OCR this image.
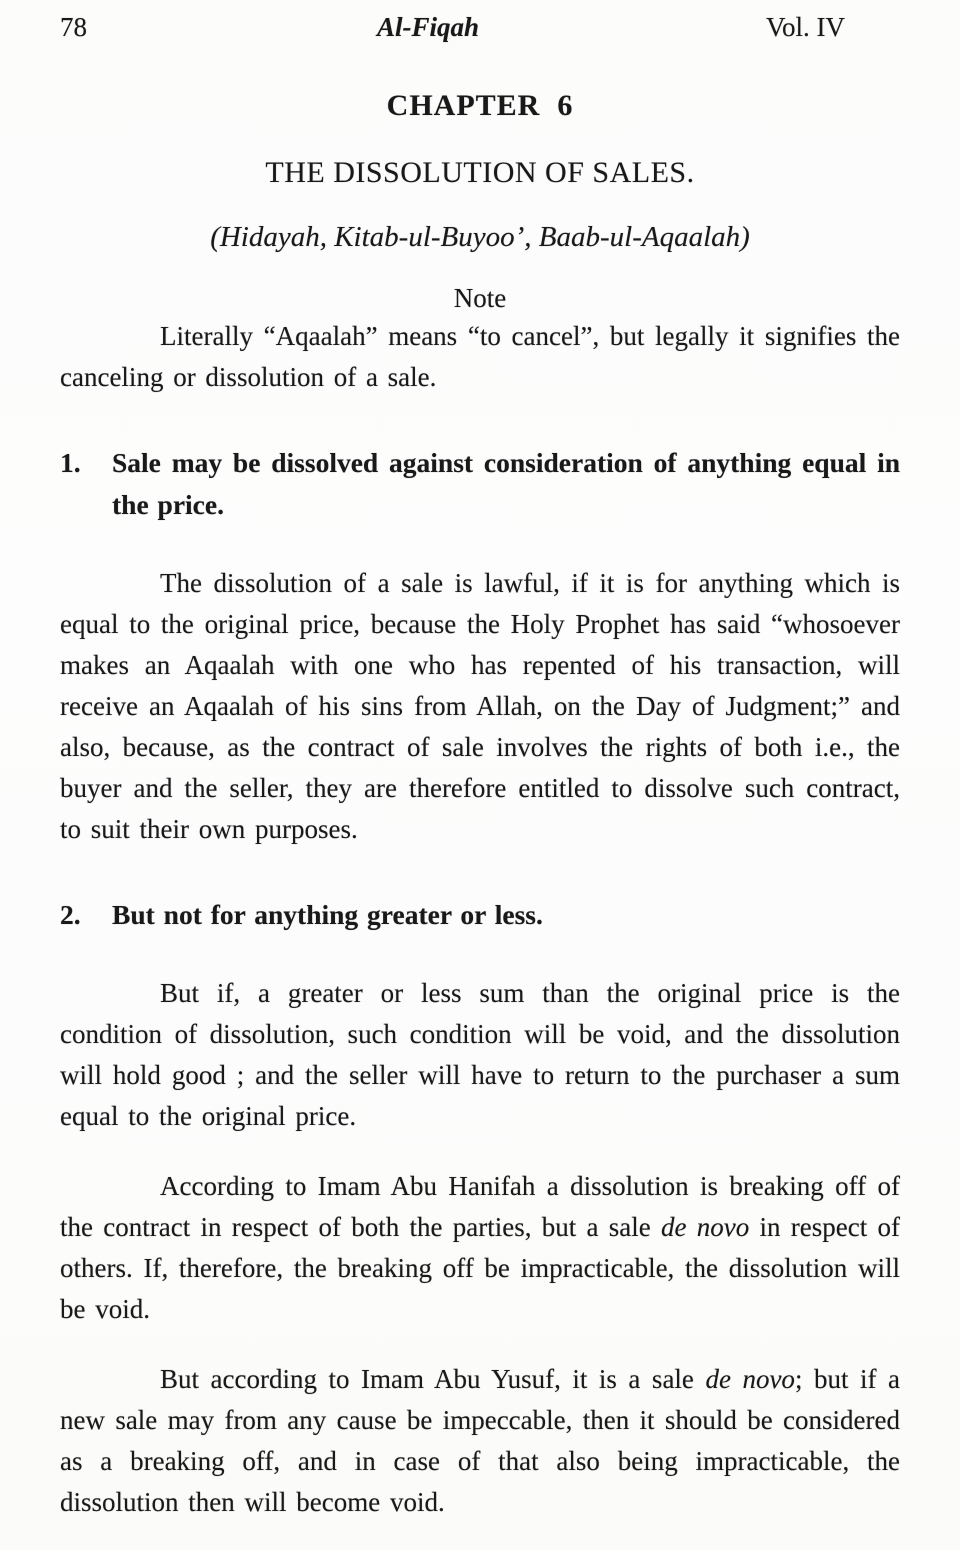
78	Al-Fiqah	Vol. IV
CHAPTER  6
THE DISSOLUTION OF SALES.
(Hidayah, Kitab-ul-Buyoo’, Baab-ul-Aqaalah)
Note

Literally “Aqaalah” means “to cancel”, but legally it signifies the canceling or dissolution of a sale.

1.	Sale may be dissolved against consideration of anything equal in the price.

The dissolution of a sale is lawful, if it is for anything which is equal to the original price, because the Holy Prophet has said “whosoever makes an Aqaalah with one who has repented of his transaction, will receive an Aqaalah of his sins from Allah, on the Day of Judgment;” and also, because, as the contract of sale involves the rights of both i.e., the buyer and the seller, they are therefore entitled to dissolve such contract, to suit their own purposes.

2.	But not for anything greater or less.

But if, a greater or less sum than the original price is the condition of dissolution, such condition will be void, and the dissolution will hold good ; and the seller will have to return to the purchaser a sum equal to the original price.

According to Imam Abu Hanifah a dissolution is breaking off of the contract in respect of both the parties, but a sale de novo in respect of others. If, therefore, the breaking off be impracticable, the dissolution will be void.

But according to Imam Abu Yusuf, it is a sale de novo; but if a new sale may from any cause be impeccable, then it should be considered as a breaking off, and in case of that also being impracticable, the dissolution then will become void.
